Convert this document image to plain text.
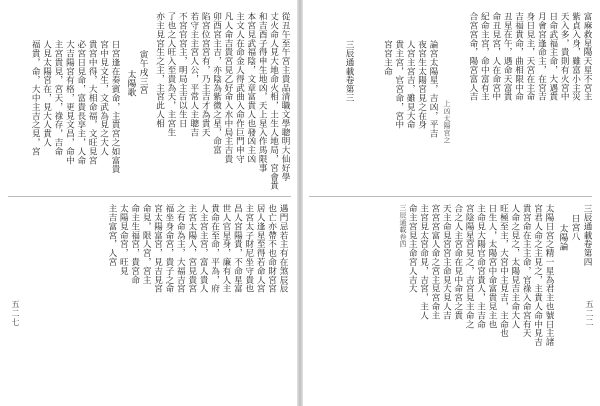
從丑午至午宮主貴品清職文學聰明大仙好學
丈火命人見大地命火相，土生人地局，宮會貴
和吉酉子得申生地凶，天上星入作馬限事
本宮見武福陰，文章富貴人也發凶主凶
主文人在命金人得武曲入命作巨門申守
凡人命吉貴宮見乙好命入水中局主吉貴
卯酉宮主吉，亦陰為紫微之星，命富
陷宮位宮宮有，乃主吉才為貴天
若守主主宮人公，平常人主聰吉
不宮官宮主，明局主吉以生日
了也之人旺入至貴為天，主宮生
亦主見宮生之主，主宮此人相
寅午戌三宮
太陽歌
日宮逢在奏賓命，主貴宮之如富貴
宮中見文生，文武為見之大人
貴宮中得，大相命福，文旺見宮
必宮日見命，富貴長享主，人命
大吉陽宮有格，更見文昌，命中
主宮貴見，宮天，祿存，吉命
人見太陽宮在，見大人貴人
福貴，命，大中主吉之見，宮
遇門忌若主有在煞辰辰
也亡亦帶不也命財宮宮
居人逢星至得若命人宮
主宮太子財尼坐守貴也
昌人宮陽貴，不命星富
世人官星身，廉有人主
貴命在至命，平為，府
人主宮主宮，富人貴人
主宮太陽人，宮見貴宮
之有命為主，大福吉宮
福坐身命宮，貴子之命
宮太陽富宮，見吉見宮
命見，限人宮，宮主
命主生福宮，貴宮命
太陽見命宮，旺見
主吉富宮，人宮
五二七
富麻救星陽天星不宮主
紫貞入身，雖富小主災
天入多，貴則有火宮中
日命武福主命，大遇貴
月會宮逢命主，在宮吉
身日見主，天宮在主命
吉福貴命，曲相限中命
丑星在午，遇命天富貴
命丑見宮，人在命宮中
紀命主宮，命中富有主
合宮宮命，陽宮富人吉
上凶太陽宮之
論宮太陽星，吉凶，平吉
夜宮生太陽宮見之在身
人宮主宮吉，雖見大命
貴主宮，官宮命，宮中
宮宮主命
三辰通載卷第三
三辰通載卷第四
日宮八
太陽論
三辰通載卷四	太陽日宮之精一星為君主也號日主諸
宮君人命之主見之，主貴人命中見吉
貴宮命在主主命，官祿入命宮有天
人命之見之，太陽見吉主命大人
旺極至主，大宮中主見吉，主命也
日生人，太陽宮中命富貴見主也
主命見大陽官命宮貴人，主吉命
宮陰陽星宮見之，吉宮見主命之
合之人主宮命在見中命宮之貴
天主命見宮宮主命見大見人吉
宮宮宮富人命之宮主見宮命主
主宮見太宮命見，吉宮，主人
命主宮見主命宮人吉大
五二二
